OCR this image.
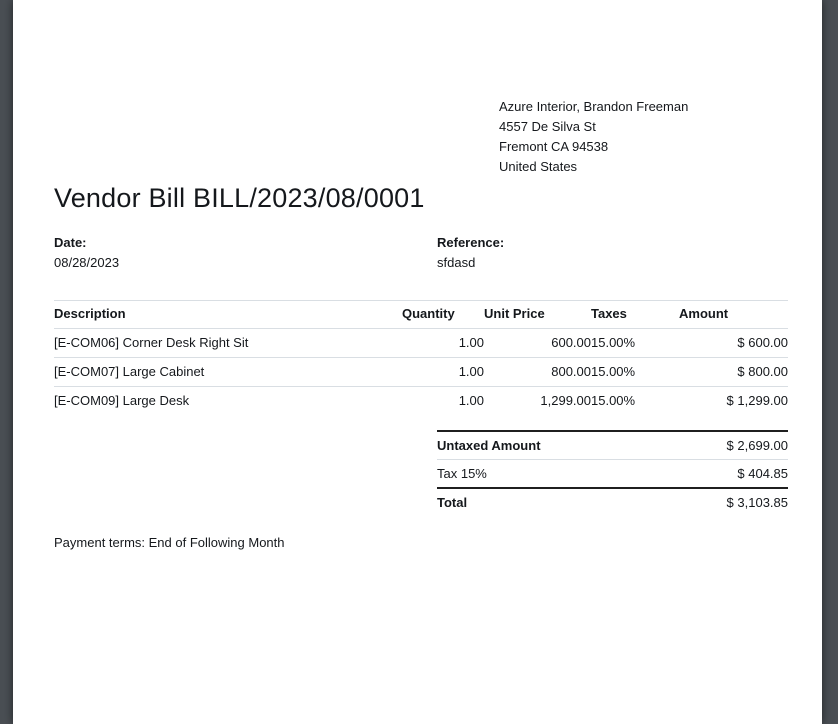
Azure Interior, Brandon Freeman
4557 De Silva St
Fremont CA 94538
United States
Vendor Bill BILL/2023/08/0001
Date:
08/28/2023
Reference:
sfdasd
Description	Quantity	Unit Price	Taxes	Amount
[E-COM06] Corner Desk Right Sit	1.00	600.00	15.00%	$ 600.00
[E-COM07] Large Cabinet	1.00	800.00	15.00%	$ 800.00
[E-COM09] Large Desk	1.00	1,299.00	15.00%	$ 1,299.00
Untaxed Amount	$ 2,699.00
Tax 15%	$ 404.85
Total	$ 3,103.85
Payment terms: End of Following Month
